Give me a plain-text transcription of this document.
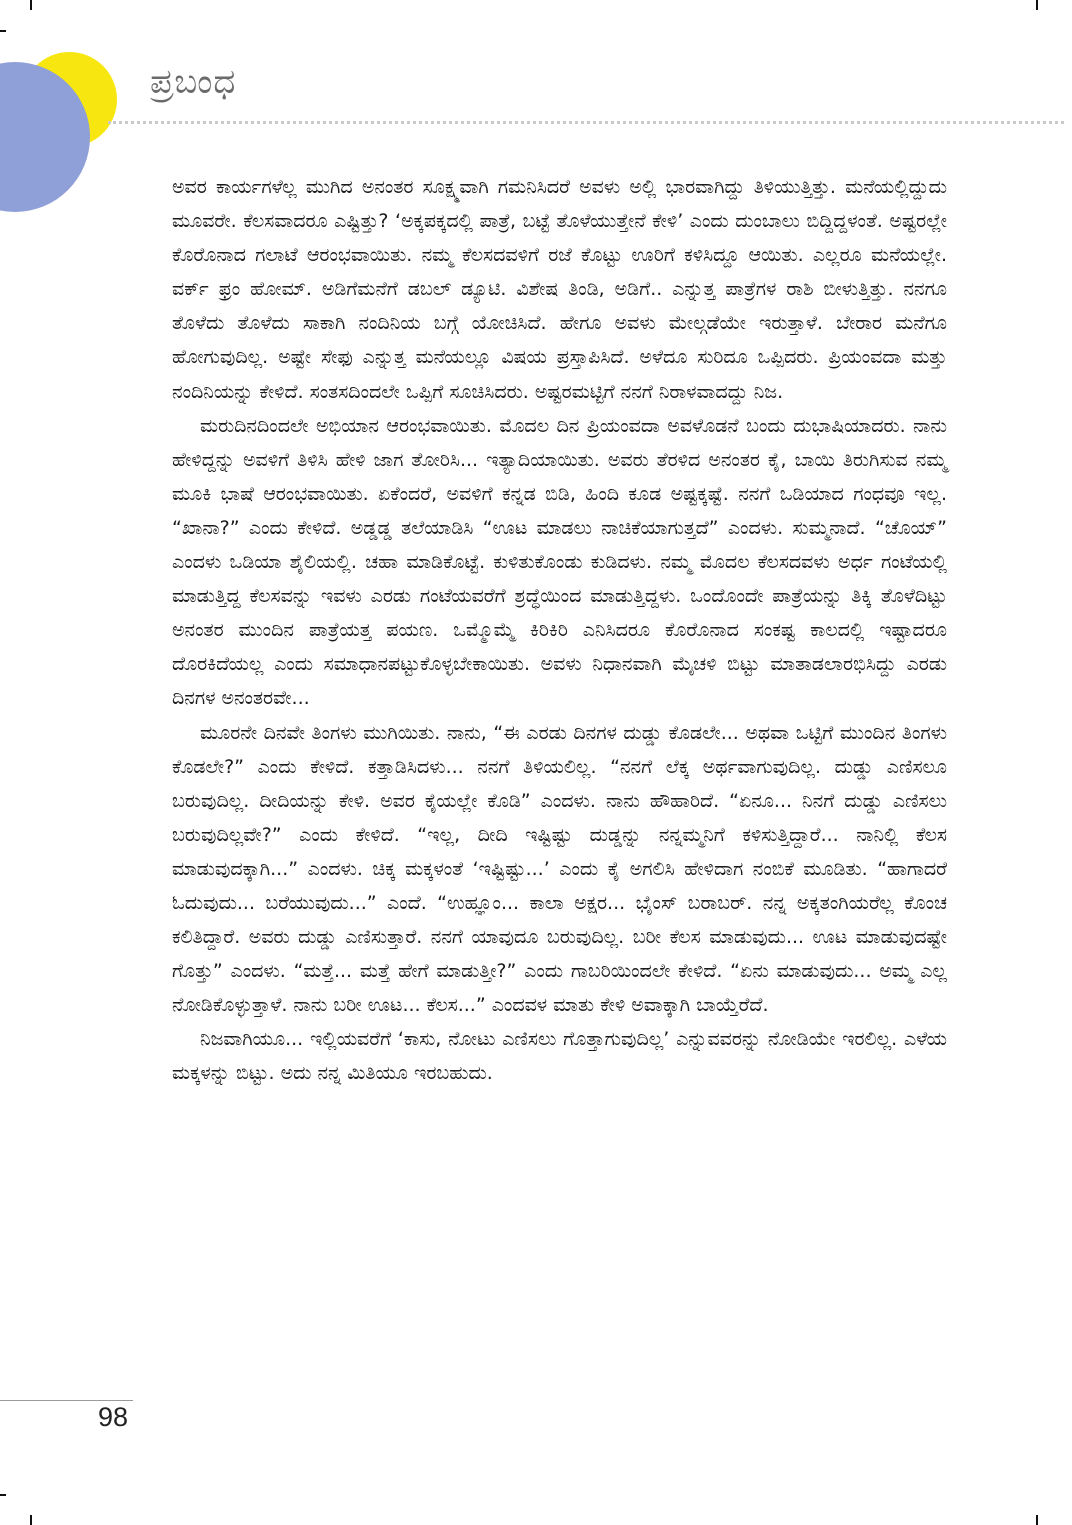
ಪ್ರಬಂಧ

ಅವರ ಕಾರ್ಯಗಳೆಲ್ಲ ಮುಗಿದ ಅನಂತರ ಸೂಕ್ಷ್ಮವಾಗಿ ಗಮನಿಸಿದರೆ ಅವಳು ಅಲ್ಲಿ ಭಾರವಾಗಿದ್ದು ತಿಳಿಯುತ್ತಿತ್ತು. ಮನೆಯಲ್ಲಿದ್ದುದು ಮೂವರೇ. ಕೆಲಸವಾದರೂ ಎಷ್ಟಿತ್ತು? ‘ಅಕ್ಕಪಕ್ಕದಲ್ಲಿ ಪಾತ್ರೆ, ಬಟ್ಟೆ ತೊಳೆಯುತ್ತೇನೆ ಕೇಳಿ’ ಎಂದು ದುಂಬಾಲು ಬಿದ್ದಿದ್ದಳಂತೆ. ಅಷ್ಟರಲ್ಲೇ ಕೊರೊನಾದ ಗಲಾಟೆ ಆರಂಭವಾಯಿತು. ನಮ್ಮ ಕೆಲಸದವಳಿಗೆ ರಜೆ ಕೊಟ್ಟು ಊರಿಗೆ ಕಳಿಸಿದ್ದೂ ಆಯಿತು. ಎಲ್ಲರೂ ಮನೆಯಲ್ಲೇ. ವರ್ಕ್ ಫ್ರಂ ಹೋಮ್. ಅಡಿಗೆಮನೆಗೆ ಡಬಲ್ ಡ್ಯೂಟಿ. ವಿಶೇಷ ತಿಂಡಿ, ಅಡಿಗೆ.. ಎನ್ನುತ್ತ ಪಾತ್ರೆಗಳ ರಾಶಿ ಬೀಳುತ್ತಿತ್ತು. ನನಗೂ ತೊಳೆದು ತೊಳೆದು ಸಾಕಾಗಿ ನಂದಿನಿಯ ಬಗ್ಗೆ ಯೋಚಿಸಿದೆ. ಹೇಗೂ ಅವಳು ಮೇಲ್ಗಡೆಯೇ ಇರುತ್ತಾಳೆ. ಬೇರಾರ ಮನೆಗೂ ಹೋಗುವುದಿಲ್ಲ. ಅಷ್ಟೇ ಸೇಫು ಎನ್ನುತ್ತ ಮನೆಯಲ್ಲೂ ವಿಷಯ ಪ್ರಸ್ತಾಪಿಸಿದೆ. ಅಳೆದೂ ಸುರಿದೂ ಒಪ್ಪಿದರು. ಪ್ರಿಯಂವದಾ ಮತ್ತು ನಂದಿನಿಯನ್ನು ಕೇಳಿದೆ. ಸಂತಸದಿಂದಲೇ ಒಪ್ಪಿಗೆ ಸೂಚಿಸಿದರು. ಅಷ್ಟರಮಟ್ಟಿಗೆ ನನಗೆ ನಿರಾಳವಾದದ್ದು ನಿಜ.

ಮರುದಿನದಿಂದಲೇ ಅಭಿಯಾನ ಆರಂಭವಾಯಿತು. ಮೊದಲ ದಿನ ಪ್ರಿಯಂವದಾ ಅವಳೊಡನೆ ಬಂದು ದುಭಾಷಿಯಾದರು. ನಾನು ಹೇಳಿದ್ದನ್ನು ಅವಳಿಗೆ ತಿಳಿಸಿ ಹೇಳಿ ಜಾಗ ತೋರಿಸಿ... ಇತ್ಯಾದಿಯಾಯಿತು. ಅವರು ತೆರಳಿದ ಅನಂತರ ಕೈ, ಬಾಯಿ ತಿರುಗಿಸುವ ನಮ್ಮ ಮೂಕಿ ಭಾಷೆ ಆರಂಭವಾಯಿತು. ಏಕೆಂದರೆ, ಅವಳಿಗೆ ಕನ್ನಡ ಬಿಡಿ, ಹಿಂದಿ ಕೂಡ ಅಷ್ಟಕ್ಕಷ್ಟೆ. ನನಗೆ ಒಡಿಯಾದ ಗಂಧವೂ ಇಲ್ಲ. “ಖಾನಾ?” ಎಂದು ಕೇಳಿದೆ. ಅಡ್ಡಡ್ಡ ತಲೆಯಾಡಿಸಿ “ಊಟ ಮಾಡಲು ನಾಚಿಕೆಯಾಗುತ್ತದೆ” ಎಂದಳು. ಸುಮ್ಮನಾದೆ. “ಚೊಯ್” ಎಂದಳು ಒಡಿಯಾ ಶೈಲಿಯಲ್ಲಿ. ಚಹಾ ಮಾಡಿಕೊಟ್ಟೆ. ಕುಳಿತುಕೊಂಡು ಕುಡಿದಳು. ನಮ್ಮ ಮೊದಲ ಕೆಲಸದವಳು ಅರ್ಧ ಗಂಟೆಯಲ್ಲಿ ಮಾಡುತ್ತಿದ್ದ ಕೆಲಸವನ್ನು ಇವಳು ಎರಡು ಗಂಟೆಯವರೆಗೆ ಶ್ರದ್ಧೆಯಿಂದ ಮಾಡುತ್ತಿದ್ದಳು. ಒಂದೊಂದೇ ಪಾತ್ರೆಯನ್ನು ತಿಕ್ಕಿ ತೊಳೆದಿಟ್ಟು ಅನಂತರ ಮುಂದಿನ ಪಾತ್ರೆಯತ್ತ ಪಯಣ. ಒಮ್ಮೊಮ್ಮೆ ಕಿರಿಕಿರಿ ಎನಿಸಿದರೂ ಕೊರೊನಾದ ಸಂಕಷ್ಟ ಕಾಲದಲ್ಲಿ ಇಷ್ಟಾದರೂ ದೊರಕಿದೆಯಲ್ಲ ಎಂದು ಸಮಾಧಾನಪಟ್ಟುಕೊಳ್ಳಬೇಕಾಯಿತು. ಅವಳು ನಿಧಾನವಾಗಿ ಮೈಚಳಿ ಬಿಟ್ಟು ಮಾತಾಡಲಾರಭಿಸಿದ್ದು ಎರಡು ದಿನಗಳ ಅನಂತರವೇ...

ಮೂರನೇ ದಿನವೇ ತಿಂಗಳು ಮುಗಿಯಿತು. ನಾನು, “ಈ ಎರಡು ದಿನಗಳ ದುಡ್ಡು ಕೊಡಲೇ... ಅಥವಾ ಒಟ್ಟಿಗೆ ಮುಂದಿನ ತಿಂಗಳು ಕೊಡಲೇ?” ಎಂದು ಕೇಳಿದೆ. ಕತ್ತಾಡಿಸಿದಳು... ನನಗೆ ತಿಳಿಯಲಿಲ್ಲ. “ನನಗೆ ಲೆಕ್ಕ ಅರ್ಥವಾಗುವುದಿಲ್ಲ. ದುಡ್ಡು ಎಣಿಸಲೂ ಬರುವುದಿಲ್ಲ. ದೀದಿಯನ್ನು ಕೇಳಿ. ಅವರ ಕೈಯಲ್ಲೇ ಕೊಡಿ” ಎಂದಳು. ನಾನು ಹೌಹಾರಿದೆ. “ಏನೂ... ನಿನಗೆ ದುಡ್ಡು ಎಣಿಸಲು ಬರುವುದಿಲ್ಲವೇ?” ಎಂದು ಕೇಳಿದೆ. “ಇಲ್ಲ, ದೀದಿ ಇಷ್ಟಿಷ್ಟು ದುಡ್ಡನ್ನು ನನ್ನಮ್ಮನಿಗೆ ಕಳಿಸುತ್ತಿದ್ದಾರೆ... ನಾನಿಲ್ಲಿ ಕೆಲಸ ಮಾಡುವುದಕ್ಕಾಗಿ...” ಎಂದಳು. ಚಿಕ್ಕ ಮಕ್ಕಳಂತೆ ‘ಇಷ್ಟಿಷ್ಟು...’ ಎಂದು ಕೈ ಅಗಲಿಸಿ ಹೇಳಿದಾಗ ನಂಬಿಕೆ ಮೂಡಿತು. “ಹಾಗಾದರೆ ಓದುವುದು... ಬರೆಯುವುದು...” ಎಂದೆ. “ಉಹ್ಞೂಂ... ಕಾಲಾ ಅಕ್ಷರ... ಭೈಂಸ್ ಬರಾಬರ್. ನನ್ನ ಅಕ್ಕತಂಗಿಯರೆಲ್ಲ ಕೊಂಚ ಕಲಿತಿದ್ದಾರೆ. ಅವರು ದುಡ್ಡು ಎಣಿಸುತ್ತಾರೆ. ನನಗೆ ಯಾವುದೂ ಬರುವುದಿಲ್ಲ. ಬರೀ ಕೆಲಸ ಮಾಡುವುದು... ಊಟ ಮಾಡುವುದಷ್ಟೇ ಗೊತ್ತು” ಎಂದಳು. “ಮತ್ತೆ... ಮತ್ತೆ ಹೇಗೆ ಮಾಡುತ್ತೀ?” ಎಂದು ಗಾಬರಿಯಿಂದಲೇ ಕೇಳಿದೆ. “ಏನು ಮಾಡುವುದು... ಅಮ್ಮ ಎಲ್ಲ ನೋಡಿಕೊಳ್ಳುತ್ತಾಳೆ. ನಾನು ಬರೀ ಊಟ... ಕೆಲಸ...” ಎಂದವಳ ಮಾತು ಕೇಳಿ ಅವಾಕ್ಕಾಗಿ ಬಾಯ್ತೆರೆದೆ.

ನಿಜವಾಗಿಯೂ... ಇಲ್ಲಿಯವರೆಗೆ ‘ಕಾಸು, ನೋಟು ಎಣಿಸಲು ಗೊತ್ತಾಗುವುದಿಲ್ಲ’ ಎನ್ನುವವರನ್ನು ನೋಡಿಯೇ ಇರಲಿಲ್ಲ. ಎಳೆಯ ಮಕ್ಕಳನ್ನು ಬಿಟ್ಟು. ಅದು ನನ್ನ ಮಿತಿಯೂ ಇರಬಹುದು.

98
